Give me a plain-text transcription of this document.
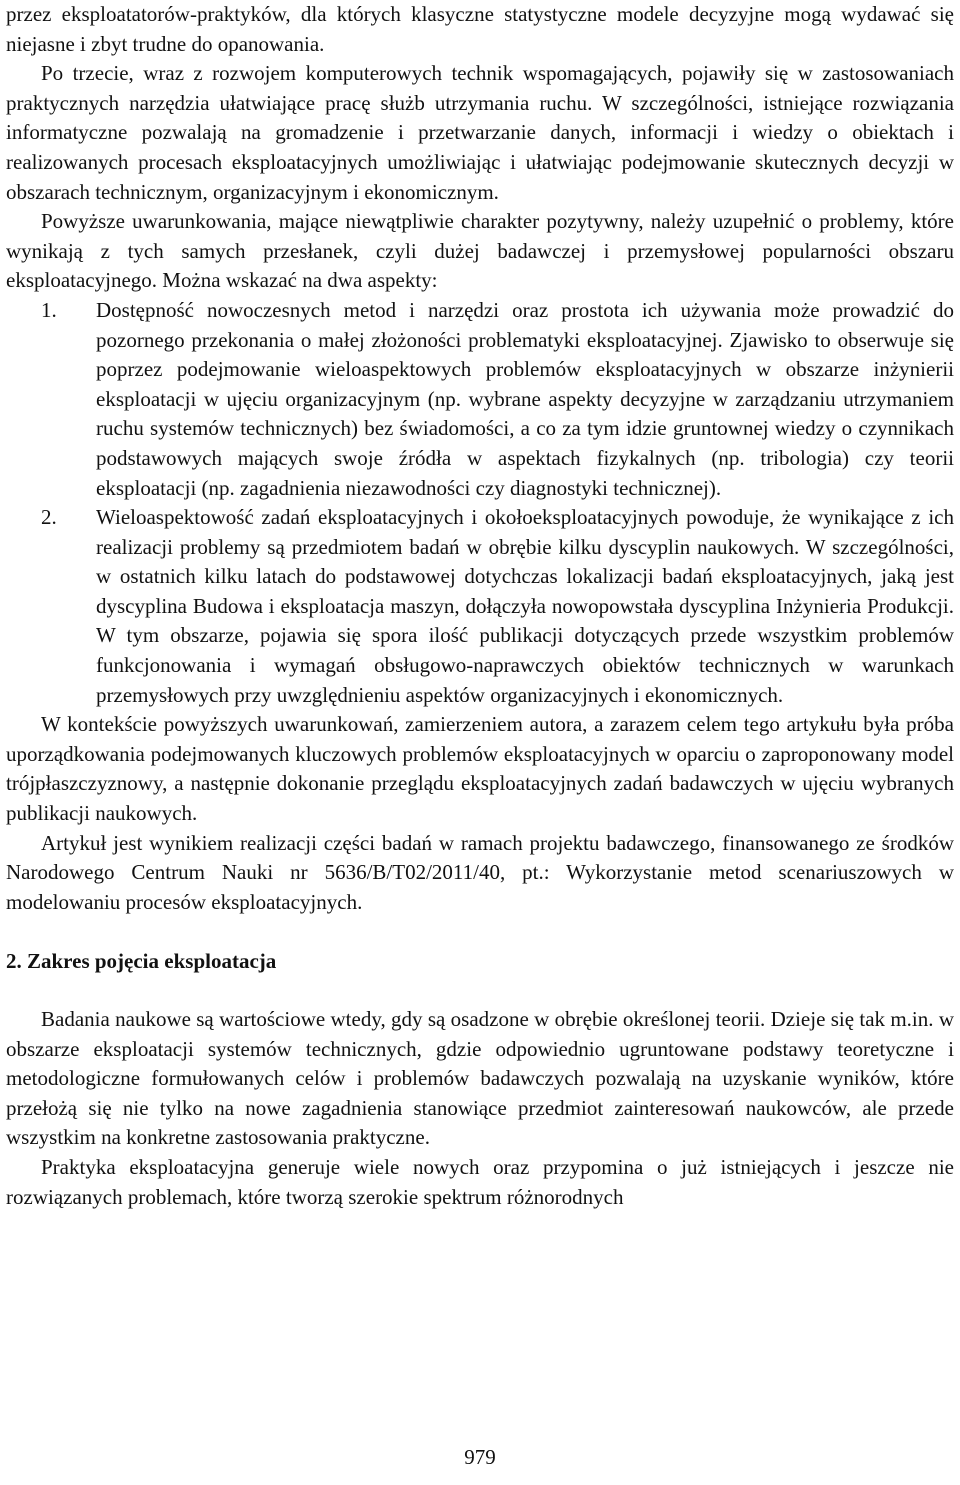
przez eksploatatorów-praktyków, dla których klasyczne statystyczne modele decyzyjne mogą wydawać się niejasne i zbyt trudne do opanowania.

Po trzecie, wraz z rozwojem komputerowych technik wspomagających, pojawiły się w zastosowaniach praktycznych narzędzia ułatwiające pracę służb utrzymania ruchu. W szczególności, istniejące rozwiązania informatyczne pozwalają na gromadzenie i przetwarzanie danych, informacji i wiedzy o obiektach i realizowanych procesach eksploatacyjnych umożliwiając i ułatwiając podejmowanie skutecznych decyzji w obszarach technicznym, organizacyjnym i ekonomicznym.

Powyższe uwarunkowania, mające niewątpliwie charakter pozytywny, należy uzupełnić o problemy, które wynikają z tych samych przesłanek, czyli dużej badawczej i przemysłowej popularności obszaru eksploatacyjnego. Można wskazać na dwa aspekty:

1.	Dostępność nowoczesnych metod i narzędzi oraz prostota ich używania może prowadzić do pozornego przekonania o małej złożoności problematyki eksploatacyjnej. Zjawisko to obserwuje się poprzez podejmowanie wieloaspektowych problemów eksploatacyjnych w obszarze inżynierii eksploatacji w ujęciu organizacyjnym (np. wybrane aspekty decyzyjne w zarządzaniu utrzymaniem ruchu systemów technicznych) bez świadomości, a co za tym idzie gruntownej wiedzy o czynnikach podstawowych mających swoje źródła w aspektach fizykalnych (np. tribologia) czy teorii eksploatacji (np. zagadnienia niezawodności czy diagnostyki technicznej).
2.	Wieloaspektowość zadań eksploatacyjnych i okołoeksploatacyjnych powoduje, że wynikające z ich realizacji problemy są przedmiotem badań w obrębie kilku dyscyplin naukowych. W szczególności, w ostatnich kilku latach do podstawowej dotychczas lokalizacji badań eksploatacyjnych, jaką jest dyscyplina Budowa i eksploatacja maszyn, dołączyła nowopowstała dyscyplina Inżynieria Produkcji. W tym obszarze, pojawia się spora ilość publikacji dotyczących przede wszystkim problemów funkcjonowania i wymagań obsługowo-naprawczych obiektów technicznych w warunkach przemysłowych przy uwzględnieniu aspektów organizacyjnych i ekonomicznych.

W kontekście powyższych uwarunkowań, zamierzeniem autora, a zarazem celem tego artykułu była próba uporządkowania podejmowanych kluczowych problemów eksploatacyjnych w oparciu o zaproponowany model trójpłaszczyznowy, a następnie dokonanie przeglądu eksploatacyjnych zadań badawczych w ujęciu wybranych publikacji naukowych.

Artykuł jest wynikiem realizacji części badań w ramach projektu badawczego, finansowanego ze środków Narodowego Centrum Nauki nr 5636/B/T02/2011/40, pt.: Wykorzystanie metod scenariuszowych w modelowaniu procesów eksploatacyjnych.

2. Zakres pojęcia eksploatacja

Badania naukowe są wartościowe wtedy, gdy są osadzone w obrębie określonej teorii. Dzieje się tak m.in. w obszarze eksploatacji systemów technicznych, gdzie odpowiednio ugruntowane podstawy teoretyczne i metodologiczne formułowanych celów i problemów badawczych pozwalają na uzyskanie wyników, które przełożą się nie tylko na nowe zagadnienia stanowiące przedmiot zainteresowań naukowców, ale przede wszystkim na konkretne zastosowania praktyczne.

Praktyka eksploatacyjna generuje wiele nowych oraz przypomina o już istniejących i jeszcze nie rozwiązanych problemach, które tworzą szerokie spektrum różnorodnych

979
